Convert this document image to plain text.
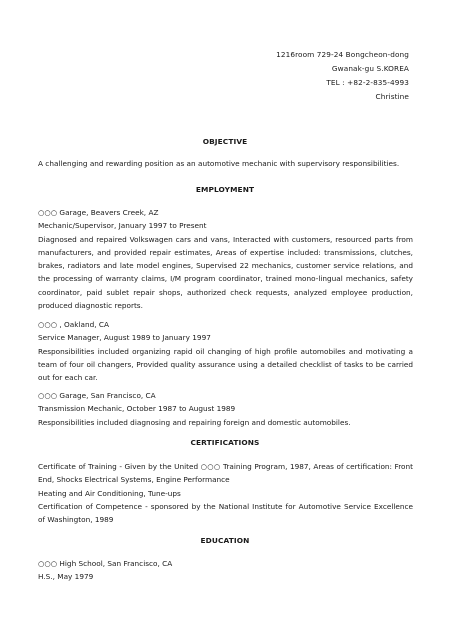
1216room 729-24 Bongcheon-dong
Gwanak-gu S.KOREA
TEL : +82-2-835-4993
Christine
OBJECTIVE

A challenging and rewarding position as an automotive mechanic with supervisory responsibilities.

EMPLOYMENT

○○○ Garage, Beavers Creek, AZ

Mechanic/Supervisor, January 1997 to Present

Diagnosed and repaired Volkswagen cars and vans, Interacted with customers, resourced parts from manufacturers, and provided repair estimates, Areas of expertise included: transmissions, clutches, brakes, radiators and late model engines, Supervised 22 mechanics, customer service relations, and the processing of warranty claims, I/M program coordinator, trained mono-lingual mechanics, safety coordinator, paid sublet repair shops, authorized check requests, analyzed employee production, produced diagnostic reports.

○○○ , Oakland, CA

Service Manager, August 1989 to January 1997

Responsibilities included organizing rapid oil changing of high profile automobiles and motivating a team of four oil changers, Provided quality assurance using a detailed checklist of tasks to be carried out for each car.

○○○ Garage, San Francisco, CA

Transmission Mechanic, October 1987 to August 1989

Responsibilities included diagnosing and repairing foreign and domestic automobiles.

CERTIFICATIONS

Certificate of Training - Given by the United ○○○ Training Program, 1987, Areas of certification: Front End, Shocks Electrical Systems, Engine Performance

Heating and Air Conditioning, Tune-ups

Certification of Competence - sponsored by the National Institute for Automotive Service Excellence of Washington, 1989

EDUCATION

○○○ High School, San Francisco, CA

H.S., May 1979
